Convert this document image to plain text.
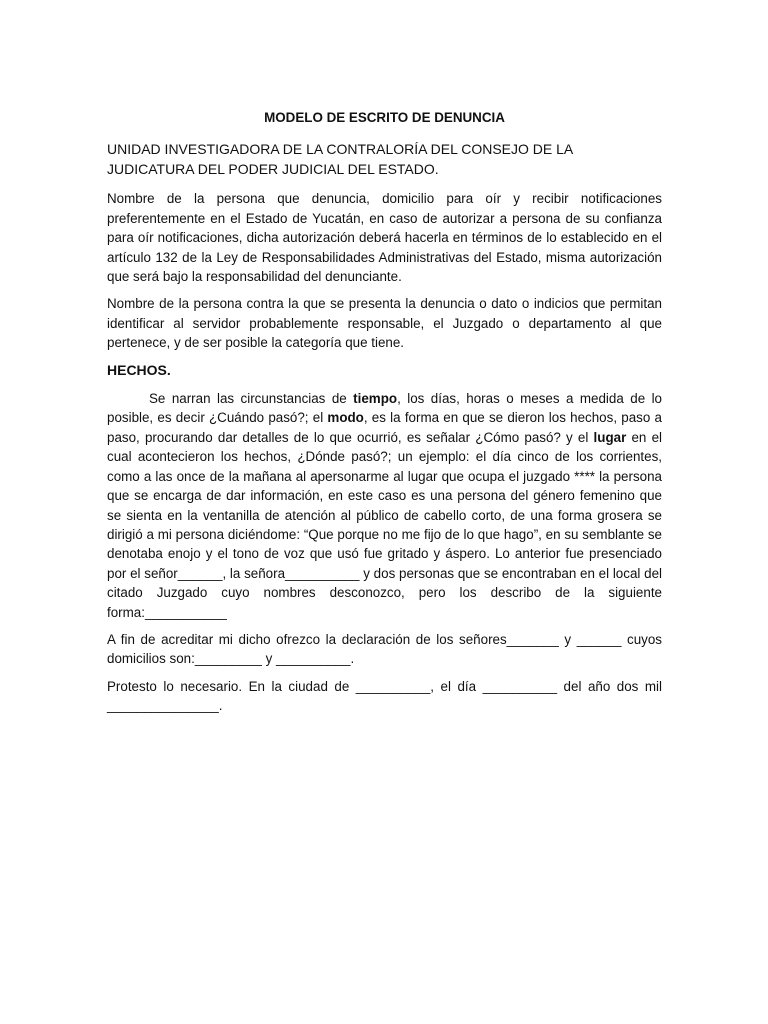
MODELO DE ESCRITO DE DENUNCIA
UNIDAD INVESTIGADORA DE LA CONTRALORÍA DEL CONSEJO DE LA JUDICATURA DEL PODER JUDICIAL DEL ESTADO.

Nombre de la persona que denuncia, domicilio para oír y recibir notificaciones preferentemente en el Estado de Yucatán, en caso de autorizar a persona de su confianza para oír notificaciones, dicha autorización deberá hacerla en términos de lo establecido en el artículo 132 de la Ley de Responsabilidades Administrativas del Estado, misma autorización que será bajo la responsabilidad del denunciante.

Nombre de la persona contra la que se presenta la denuncia o dato o indicios que permitan identificar al servidor probablemente responsable, el Juzgado o departamento al que pertenece, y de ser posible la categoría que tiene.

HECHOS.

Se narran las circunstancias de tiempo, los días, horas o meses a medida de lo posible, es decir ¿Cuándo pasó?; el modo, es la forma en que se dieron los hechos, paso a paso, procurando dar detalles de lo que ocurrió, es señalar ¿Cómo pasó? y el lugar en el cual acontecieron los hechos, ¿Dónde pasó?; un ejemplo: el día cinco de los corrientes, como a las once de la mañana al apersonarme al lugar que ocupa el juzgado **** la persona que se encarga de dar información, en este caso es una persona del género femenino que se sienta en la ventanilla de atención al público de cabello corto, de una forma grosera se dirigió a mi persona diciéndome: “Que porque no me fijo de lo que hago”, en su semblante se denotaba enojo y el tono de voz que usó fue gritado y áspero. Lo anterior fue presenciado por el señor______, la señora__________ y dos personas que se encontraban en el local del citado Juzgado cuyo nombres desconozco, pero los describo de la siguiente forma:___________

A fin de acreditar mi dicho ofrezco la declaración de los señores_______ y ______ cuyos domicilios son:_________ y __________.

Protesto lo necesario. En la ciudad de __________, el día __________ del año dos mil _______________.
